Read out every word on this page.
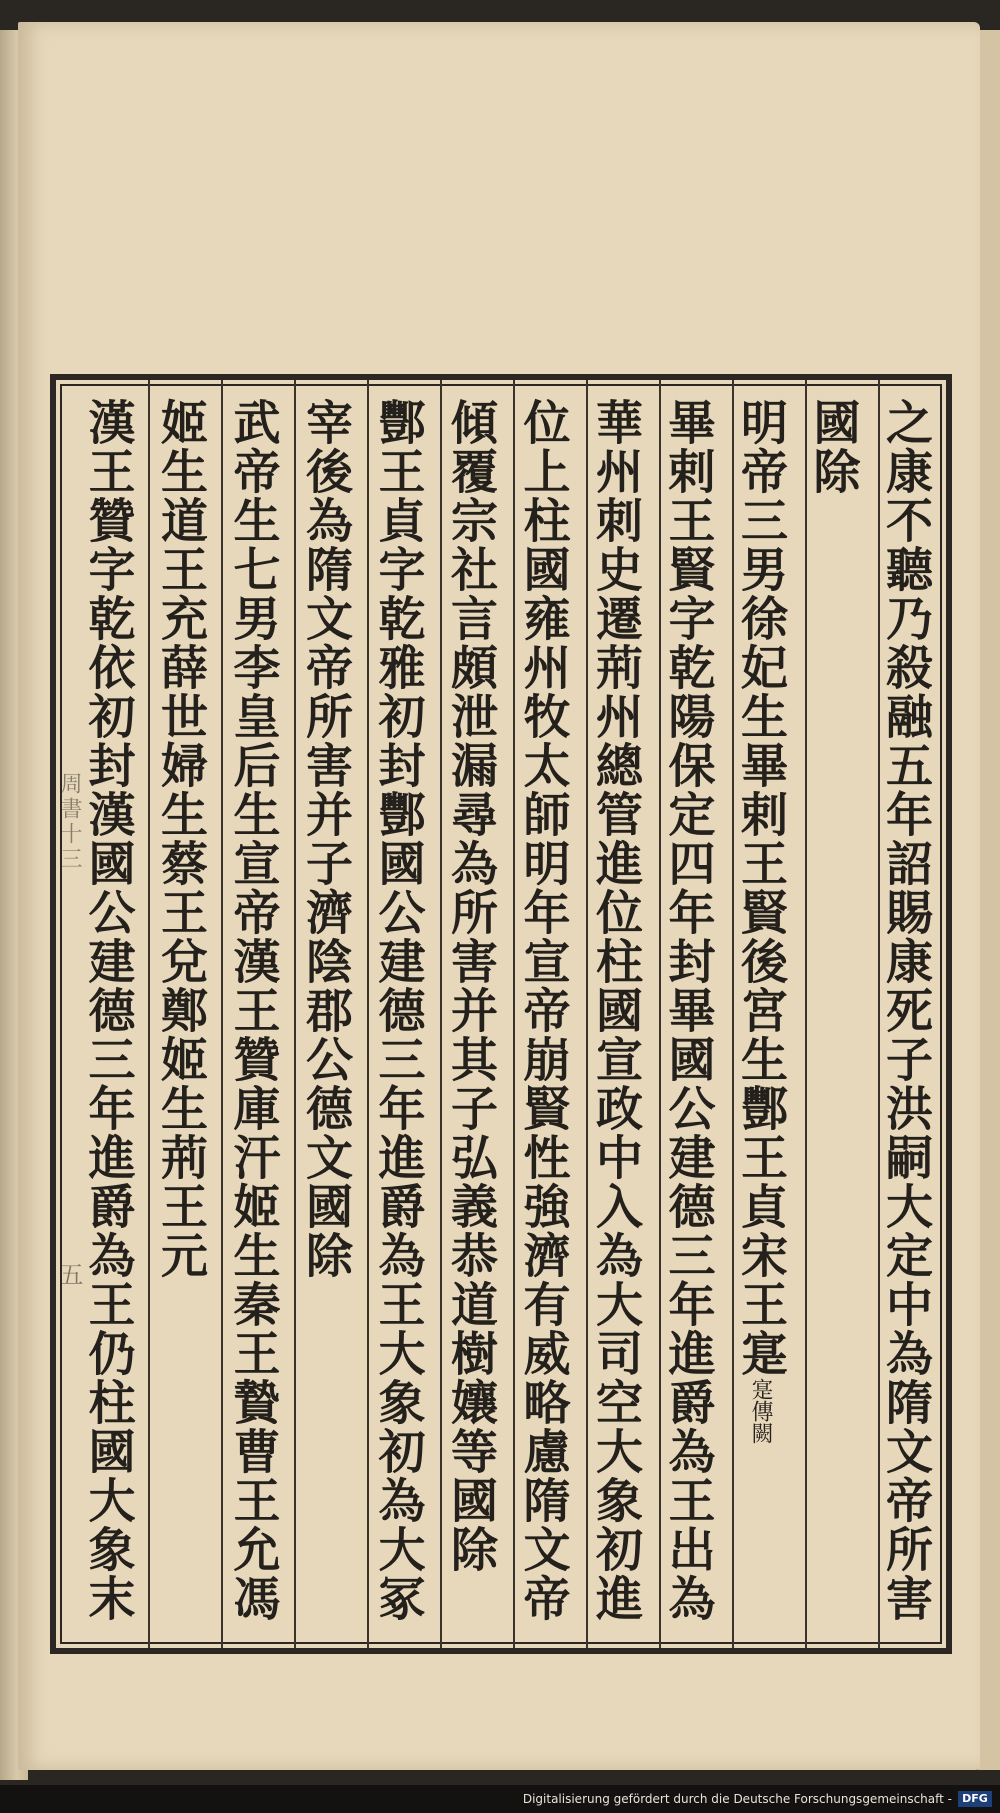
周書十三
五	之康不聽乃殺融五年詔賜康死子洪嗣大定中為隋文帝所害
國除
明帝三男徐妃生畢剌王賢後宮生酆王貞宋王寔寔傳闕
畢剌王賢字乾陽保定四年封畢國公建德三年進爵為王出為
華州刺史遷荊州總管進位柱國宣政中入為大司空大象初進
位上柱國雍州牧太師明年宣帝崩賢性強濟有威略慮隋文帝
傾覆宗社言頗泄漏尋為所害并其子弘義恭道樹孃等國除
酆王貞字乾雅初封酆國公建德三年進爵為王大象初為大冢
宰後為隋文帝所害并子濟陰郡公德文國除
武帝生七男李皇后生宣帝漢王贊庫汗姬生秦王贄曹王允馮
姬生道王充薛世婦生蔡王兌鄭姬生荊王元
漢王贊字乾依初封漢國公建德三年進爵為王仍柱國大象末
Digitalisierung gefördert durch die Deutsche Forschungsgemeinschaft - DFG
